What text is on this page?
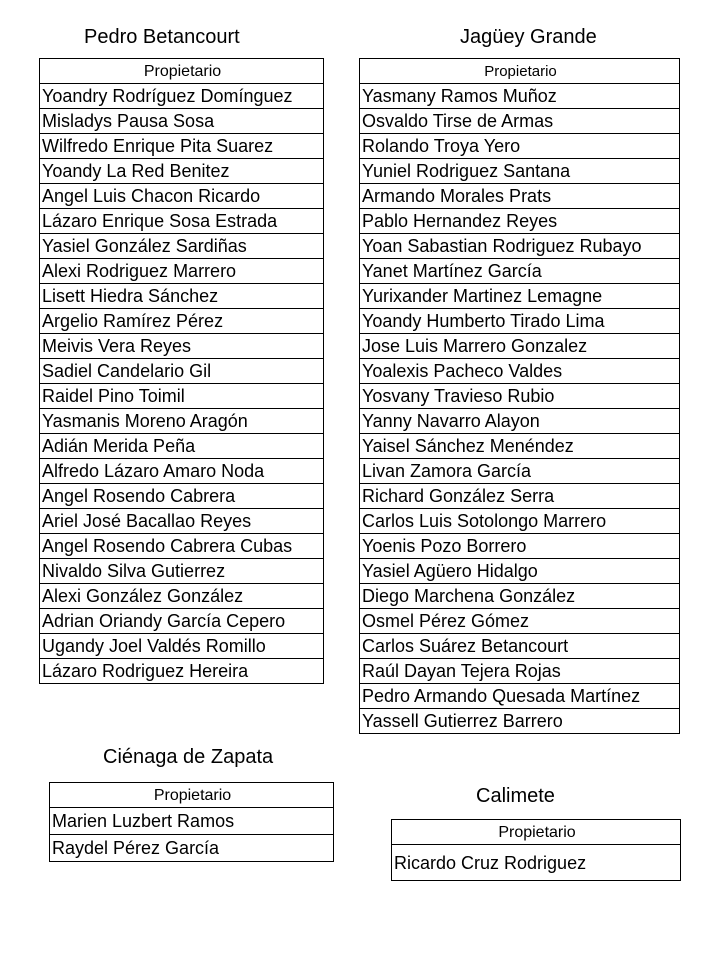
Pedro Betancourt
Propietario
Yoandry Rodríguez Domínguez
Misladys Pausa Sosa
Wilfredo Enrique Pita Suarez
Yoandy La Red Benitez
Angel Luis Chacon Ricardo
Lázaro Enrique Sosa Estrada
Yasiel González Sardiñas
Alexi Rodriguez Marrero
Lisett Hiedra Sánchez
Argelio Ramírez Pérez
Meivis Vera Reyes
Sadiel Candelario Gil
Raidel Pino Toimil
Yasmanis Moreno Aragón
Adián Merida Peña
Alfredo Lázaro Amaro Noda
Angel Rosendo Cabrera
Ariel José Bacallao Reyes
Angel Rosendo Cabrera Cubas
Nivaldo Silva Gutierrez
Alexi González González
Adrian Oriandy García Cepero
Ugandy Joel Valdés Romillo
Lázaro Rodriguez Hereira
Jagüey Grande
Propietario
Yasmany Ramos Muñoz
Osvaldo Tirse de Armas
Rolando Troya Yero
Yuniel Rodriguez Santana
Armando Morales Prats
Pablo Hernandez Reyes
Yoan Sabastian Rodriguez Rubayo
Yanet Martínez García
Yurixander Martinez Lemagne
Yoandy Humberto Tirado Lima
Jose Luis Marrero Gonzalez
Yoalexis Pacheco Valdes
Yosvany Travieso Rubio
Yanny Navarro Alayon
Yaisel Sánchez Menéndez
Livan Zamora García
Richard González Serra
Carlos Luis Sotolongo Marrero
Yoenis Pozo Borrero
Yasiel Agüero Hidalgo
Diego Marchena González
Osmel Pérez Gómez
Carlos Suárez Betancourt
Raúl Dayan Tejera Rojas
Pedro Armando Quesada Martínez
Yassell Gutierrez Barrero
Ciénaga de Zapata
Propietario
Marien Luzbert Ramos
Raydel Pérez García
Calimete
Propietario
Ricardo Cruz Rodriguez
